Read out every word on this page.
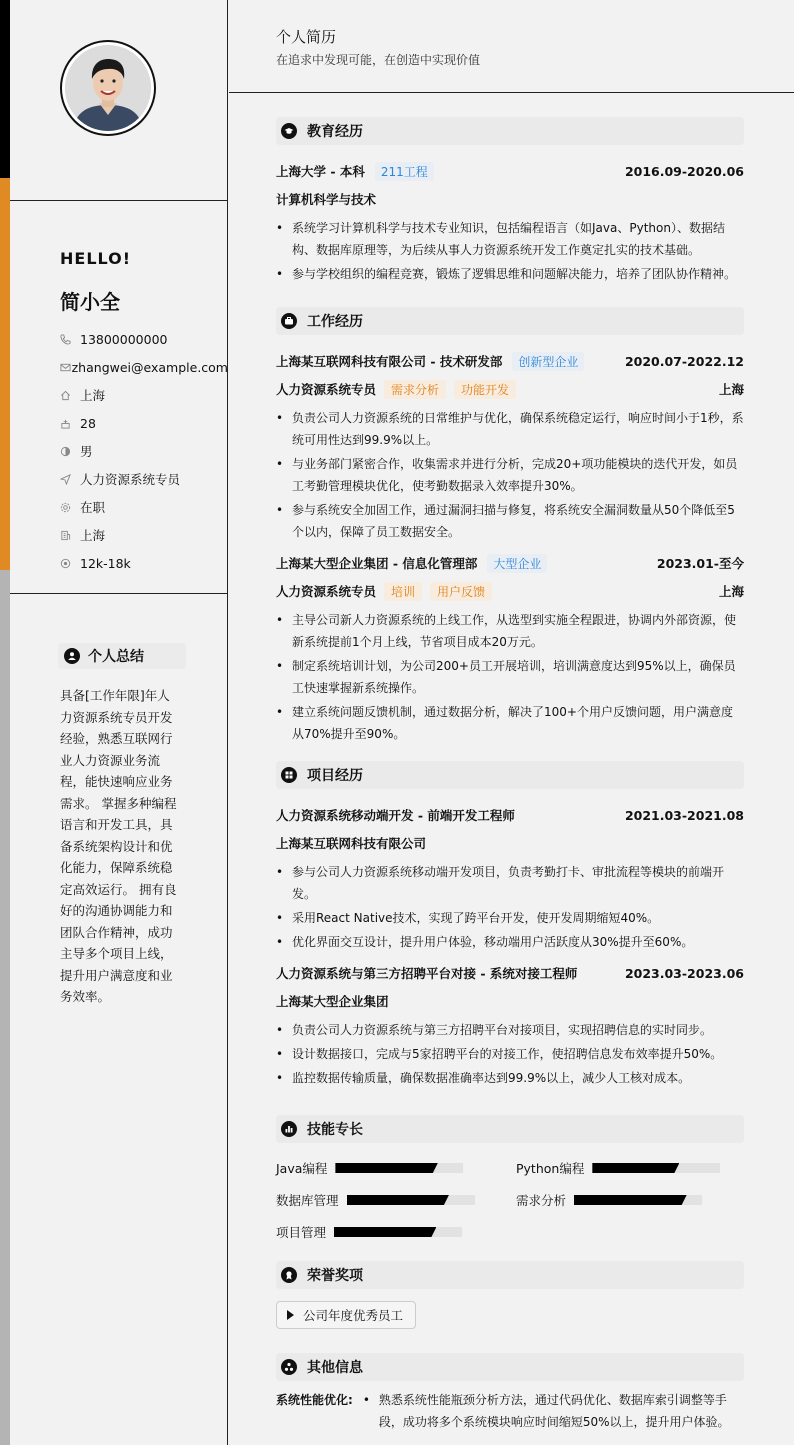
HELLO!
简小全
13800000000
zhangwei@example.com
上海
28
男
人力资源系统专员
在职
上海
12k-18k
个人总结
具备[工作年限]年人力资源系统专员开发经验，熟悉互联网行业人力资源业务流程，能快速响应业务需求。 掌握多种编程语言和开发工具，具备系统架构设计和优化能力，保障系统稳定高效运行。 拥有良好的沟通协调能力和团队合作精神，成功主导多个项目上线，提升用户满意度和业务效率。
个人简历
在追求中发现可能，在创造中实现价值
教育经历
上海大学 - 本科	211工程	2016.09-2020.06
计算机科学与技术
• 系统学习计算机科学与技术专业知识，包括编程语言（如Java、Python）、数据结构、数据库原理等，为后续从事人力资源系统开发工作奠定扎实的技术基础。
• 参与学校组织的编程竞赛，锻炼了逻辑思维和问题解决能力，培养了团队协作精神。
工作经历
上海某互联网科技有限公司 - 技术研发部	创新型企业	2020.07-2022.12
人力资源系统专员	需求分析	功能开发	上海
• 负责公司人力资源系统的日常维护与优化，确保系统稳定运行，响应时间小于1秒，系统可用性达到99.9%以上。
• 与业务部门紧密合作，收集需求并进行分析，完成20+项功能模块的迭代开发，如员工考勤管理模块优化，使考勤数据录入效率提升30%。
• 参与系统安全加固工作，通过漏洞扫描与修复，将系统安全漏洞数量从50个降低至5个以内，保障了员工数据安全。
上海某大型企业集团 - 信息化管理部	大型企业	2023.01-至今
人力资源系统专员	培训	用户反馈	上海
• 主导公司新人力资源系统的上线工作，从选型到实施全程跟进，协调内外部资源，使新系统提前1个月上线，节省项目成本20万元。
• 制定系统培训计划，为公司200+员工开展培训，培训满意度达到95%以上，确保员工快速掌握新系统操作。
• 建立系统问题反馈机制，通过数据分析，解决了100+个用户反馈问题，用户满意度从70%提升至90%。
项目经历
人力资源系统移动端开发 - 前端开发工程师	2021.03-2021.08
上海某互联网科技有限公司
• 参与公司人力资源系统移动端开发项目，负责考勤打卡、审批流程等模块的前端开发。
• 采用React Native技术，实现了跨平台开发，使开发周期缩短40%。
• 优化界面交互设计，提升用户体验，移动端用户活跃度从30%提升至60%。
人力资源系统与第三方招聘平台对接 - 系统对接工程师	2023.03-2023.06
上海某大型企业集团
• 负责公司人力资源系统与第三方招聘平台对接项目，实现招聘信息的实时同步。
• 设计数据接口，完成与5家招聘平台的对接工作，使招聘信息发布效率提升50%。
• 监控数据传输质量，确保数据准确率达到99.9%以上，减少人工核对成本。
技能专长
Java编程	Python编程
数据库管理	需求分析
项目管理
荣誉奖项
公司年度优秀员工
其他信息
系统性能优化:
•	熟悉系统性能瓶颈分析方法，通过代码优化、数据库索引调整等手段，成功将多个系统模块响应时间缩短50%以上，提升用户体验。
